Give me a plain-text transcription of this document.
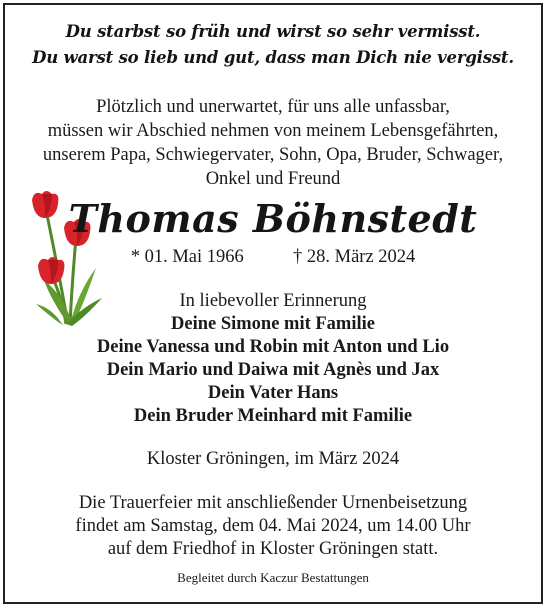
Du starbst so früh und wirst so sehr vermisst.
Du warst so lieb und gut, dass man Dich nie vergisst.
Plötzlich und unerwartet, für uns alle unfassbar,
müssen wir Abschied nehmen von meinem Lebensgefährten,
unserem Papa, Schwiegervater, Sohn, Opa, Bruder, Schwager,
Onkel und Freund
Thomas Böhnstedt
* 01. Mai 1966	† 28. März 2024
In liebevoller Erinnerung
Deine Simone mit Familie
Deine Vanessa und Robin mit Anton und Lio
Dein Mario und Daiwa mit Agnès und Jax
Dein Vater Hans
Dein Bruder Meinhard mit Familie
Kloster Gröningen, im März 2024
Die Trauerfeier mit anschließender Urnenbeisetzung
findet am Samstag, dem 04. Mai 2024, um 14.00 Uhr
auf dem Friedhof in Kloster Gröningen statt.
Begleitet durch Kaczur Bestattungen
